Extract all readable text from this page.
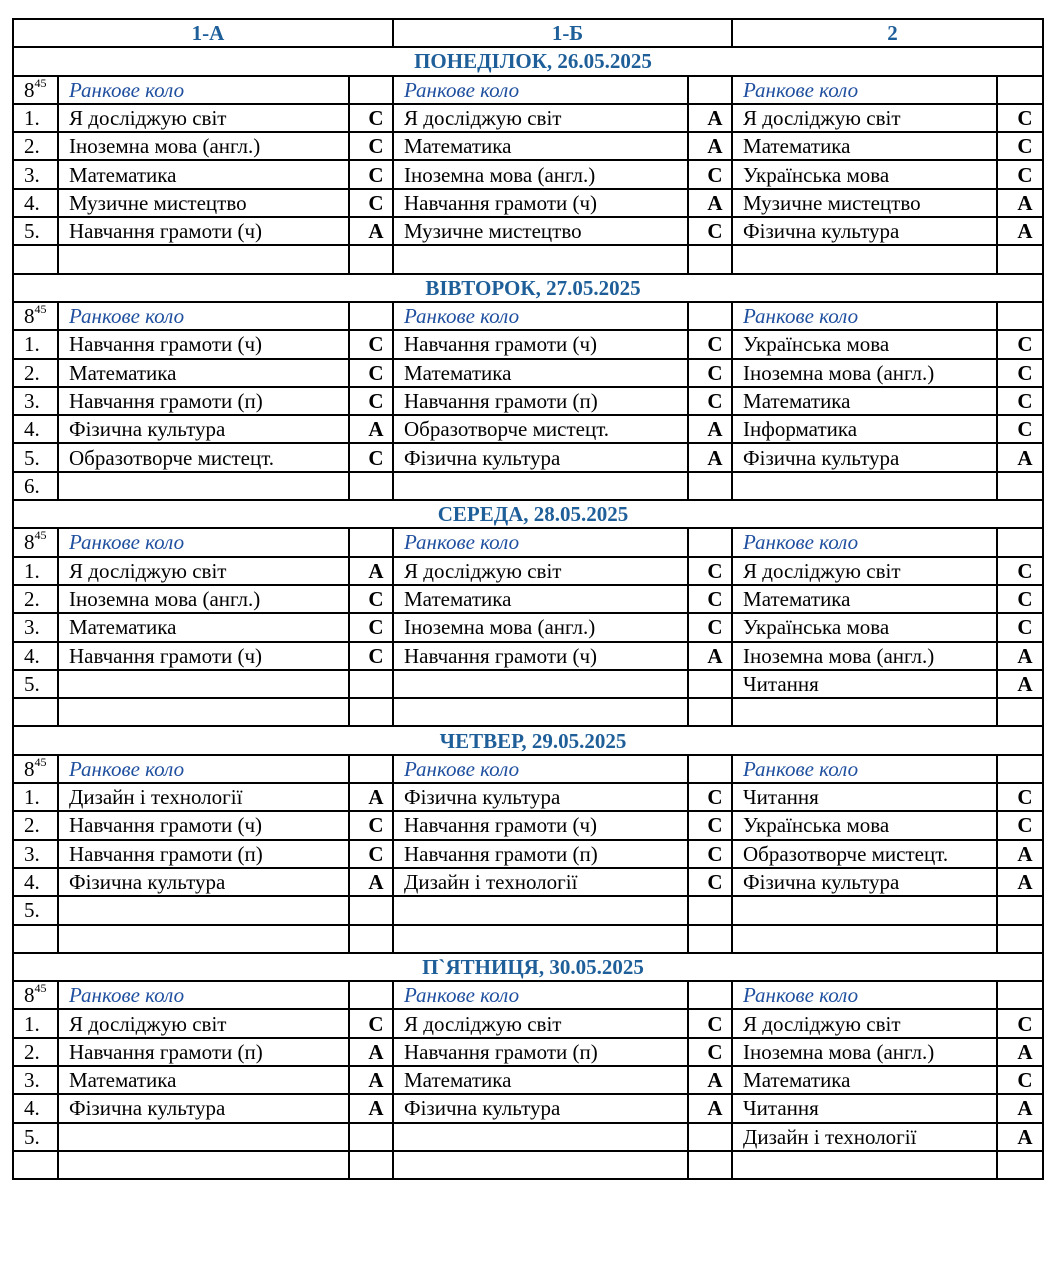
1-А			1-Б		2	
ПОНЕДІЛОК, 26.05.2025						
$8^{45}$	Ранкове коло		Ранкове коло		Ранкове коло	
1.	Я досліджую світ	С	Я досліджую світ	А	Я досліджую світ	С
2.	Іноземна мова (англ.)	С	Математика	А	Математика	С
3.	Математика	С	Іноземна мова (англ.)	С	Українська мова	С
4.	Музичне мистецтво	С	Навчання грамоти (ч)	А	Музичне мистецтво	А
5.	Навчання грамоти (ч)	А	Музичне мистецтво	С	Фізична культура	А

ВІВТОРОК, 27.05.2025						
$8^{45}$	Ранкове коло		Ранкове коло		Ранкове коло	
1.	Навчання грамоти (ч)	С	Навчання грамоти (ч)	С	Українська мова	С
2.	Математика	С	Математика	С	Іноземна мова (англ.)	С
3.	Навчання грамоти (п)	С	Навчання грамоти (п)	С	Математика	С
4.	Фізична культура	А	Образотворче мистецт.	А	Інформатика	С
5.	Образотворче мистецт.	С	Фізична культура	А	Фізична культура	А
6.						
СЕРЕДА, 28.05.2025						
$8^{45}$	Ранкове коло		Ранкове коло		Ранкове коло	
1.	Я досліджую світ	А	Я досліджую світ	С	Я досліджую світ	С
2.	Іноземна мова (англ.)	С	Математика	С	Математика	С
3.	Математика	С	Іноземна мова (англ.)	С	Українська мова	С
4.	Навчання грамоти (ч)	С	Навчання грамоти (ч)	А	Іноземна мова (англ.)	А
5.					Читання	А

ЧЕТВЕР, 29.05.2025						
$8^{45}$	Ранкове коло		Ранкове коло		Ранкове коло	
1.	Дизайн і технології	А	Фізична культура	С	Читання	С
2.	Навчання грамоти (ч)	С	Навчання грамоти (ч)	С	Українська мова	С
3.	Навчання грамоти (п)	С	Навчання грамоти (п)	С	Образотворче мистецт.	А
4.	Фізична культура	А	Дизайн і технології	С	Фізична культура	А
5.						

П`ЯТНИЦЯ, 30.05.2025						
$8^{45}$	Ранкове коло		Ранкове коло		Ранкове коло	
1.	Я досліджую світ	С	Я досліджую світ	С	Я досліджую світ	С
2.	Навчання грамоти (п)	А	Навчання грамоти (п)	С	Іноземна мова (англ.)	А
3.	Математика	А	Математика	А	Математика	С
4.	Фізична культура	А	Фізична культура	А	Читання	А
5.					Дизайн і технології	А
